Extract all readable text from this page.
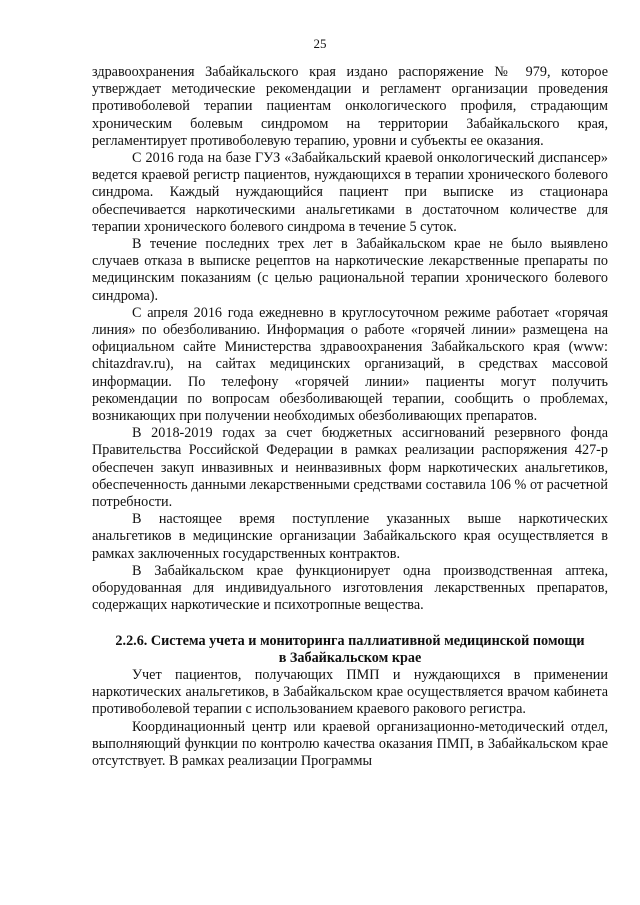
25

здравоохранения Забайкальского края издано распоряжение № 979, которое утверждает методические рекомендации и регламент организации проведения противоболевой терапии пациентам онкологического профиля, страдающим хроническим болевым синдромом на территории Забайкальского края, регламентирует противоболевую терапию, уровни и субъекты ее оказания.

С 2016 года на базе ГУЗ «Забайкальский краевой онкологический диспансер» ведется краевой регистр пациентов, нуждающихся в терапии хронического болевого синдрома. Каждый нуждающийся пациент при выписке из стационара обеспечивается наркотическими анальгетиками в достаточном количестве для терапии хронического болевого синдрома в течение 5 суток.

В течение последних трех лет в Забайкальском крае не было выявлено случаев отказа в выписке рецептов на наркотические лекарственные препараты по медицинским показаниям (с целью рациональной терапии хронического болевого синдрома).

С апреля 2016 года ежедневно в круглосуточном режиме работает «горячая линия» по обезболиванию. Информация о работе «горячей линии» размещена на официальном сайте Министерства здравоохранения Забайкальского края (www: chitazdrav.ru), на сайтах медицинских организаций, в средствах массовой информации. По телефону «горячей линии» пациенты могут получить рекомендации по вопросам обезболивающей терапии, сообщить о проблемах, возникающих при получении необходимых обезболивающих препаратов.

В 2018-2019 годах за счет бюджетных ассигнований резервного фонда Правительства Российской Федерации в рамках реализации распоряжения 427-р обеспечен закуп инвазивных и неинвазивных форм наркотических анальгетиков, обеспеченность данными лекарственными средствами составила 106 % от расчетной потребности.

В настоящее время поступление указанных выше наркотических анальгетиков в медицинские организации Забайкальского края осуществляется в рамках заключенных государственных контрактов.

В Забайкальском крае функционирует одна производственная аптека, оборудованная для индивидуального изготовления лекарственных препаратов, содержащих наркотические и психотропные вещества.

2.2.6. Система учета и мониторинга паллиативной медицинской помощи в Забайкальском крае

Учет пациентов, получающих ПМП и нуждающихся в применении наркотических анальгетиков, в Забайкальском крае осуществляется врачом кабинета противоболевой терапии с использованием краевого ракового регистра.

Координационный центр или краевой организационно-методический отдел, выполняющий функции по контролю качества оказания ПМП, в Забайкальском крае отсутствует. В рамках реализации Программы
